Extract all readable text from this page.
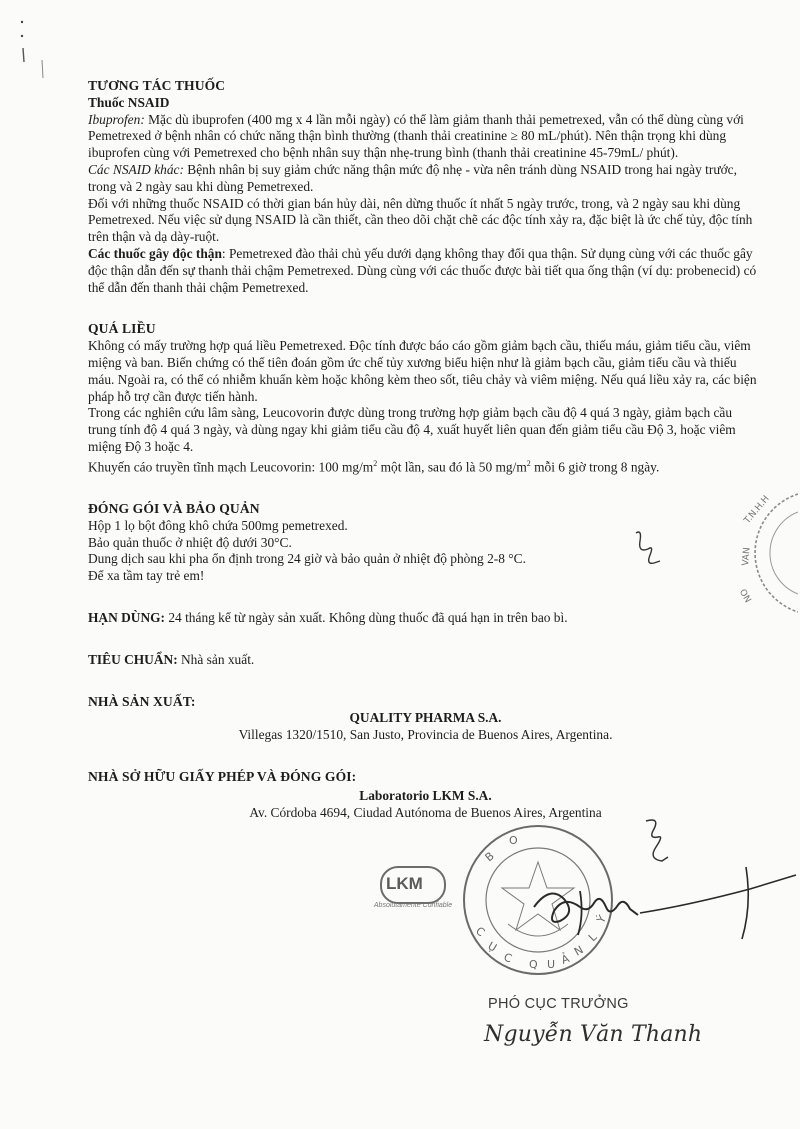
TƯƠNG TÁC THUỐC

Thuốc NSAID

Ibuprofen: Mặc dù ibuprofen (400 mg x 4 lần mỗi ngày) có thể làm giảm thanh thải pemetrexed, vẫn có thể dùng cùng với Pemetrexed ở bệnh nhân có chức năng thận bình thường (thanh thải creatinine ≥ 80 mL/phút). Nên thận trọng khi dùng ibuprofen cùng với Pemetrexed cho bệnh nhân suy thận nhẹ-trung bình (thanh thải creatinine 45-79mL/ phút).

Các NSAID khác: Bệnh nhân bị suy giảm chức năng thận mức độ nhẹ - vừa nên tránh dùng NSAID trong hai ngày trước, trong và 2 ngày sau khi dùng Pemetrexed.

Đối với những thuốc NSAID có thời gian bán hủy dài, nên dừng thuốc ít nhất 5 ngày trước, trong, và 2 ngày sau khi dùng Pemetrexed. Nếu việc sử dụng NSAID là cần thiết, cần theo dõi chặt chẽ các độc tính xảy ra, đặc biệt là ức chế tủy, độc tính trên thận và dạ dày-ruột.

Các thuốc gây độc thận: Pemetrexed đào thải chủ yếu dưới dạng không thay đổi qua thận. Sử dụng cùng với các thuốc gây độc thận dẫn đến sự thanh thải chậm Pemetrexed. Dùng cùng với các thuốc được bài tiết qua ống thận (ví dụ: probenecid) có thể dẫn đến thanh thải chậm Pemetrexed.

QUÁ LIỀU

Không có mấy trường hợp quá liều Pemetrexed. Độc tính được báo cáo gồm giảm bạch cầu, thiếu máu, giảm tiểu cầu, viêm miệng và ban. Biến chứng có thể tiên đoán gồm ức chế tủy xương biểu hiện như là giảm bạch cầu, giảm tiểu cầu và thiếu máu. Ngoài ra, có thể có nhiễm khuẩn kèm hoặc không kèm theo sốt, tiêu chảy và viêm miệng. Nếu quá liều xảy ra, các biện pháp hỗ trợ cần được tiến hành.

Trong các nghiên cứu lâm sàng, Leucovorin được dùng trong trường hợp giảm bạch cầu độ 4 quá 3 ngày, giảm bạch cầu trung tính độ 4 quá 3 ngày, và dùng ngay khi giảm tiểu cầu độ 4, xuất huyết liên quan đến giảm tiểu cầu Độ 3, hoặc viêm miệng Độ 3 hoặc 4.

Khuyến cáo truyền tĩnh mạch Leucovorin: 100 $mg/m^2$ một lần, sau đó là 50 $mg/m^2$ mỗi 6 giờ trong 8 ngày.

ĐÓNG GÓI VÀ BẢO QUẢN

Hộp 1 lọ bột đông khô chứa 500mg pemetrexed.

Bảo quản thuốc ở nhiệt độ dưới 30°C.

Dung dịch sau khi pha ổn định trong 24 giờ và bảo quản ở nhiệt độ phòng 2-8 °C.

Để xa tầm tay trẻ em!

HẠN DÙNG: 24 tháng kể từ ngày sản xuất. Không dùng thuốc đã quá hạn in trên bao bì.

TIÊU CHUẨN: Nhà sản xuất.

NHÀ SẢN XUẤT:

QUALITY PHARMA S.A.

Villegas 1320/1510, San Justo, Provincia de Buenos Aires, Argentina.

NHÀ SỞ HỮU GIẤY PHÉP VÀ ĐÓNG GÓI:

Laboratorio LKM S.A.

Av. Córdoba 4694, Ciudad Autónoma de Buenos Aires, Argentina

LKM
Absolutamente Confiable
B
O
C
Ụ
C Q U Ả
N
L
Ý
T.N.H.H
VAN
NO
PHÓ CỤC TRƯỞNG
Nguyễn Văn Thanh
